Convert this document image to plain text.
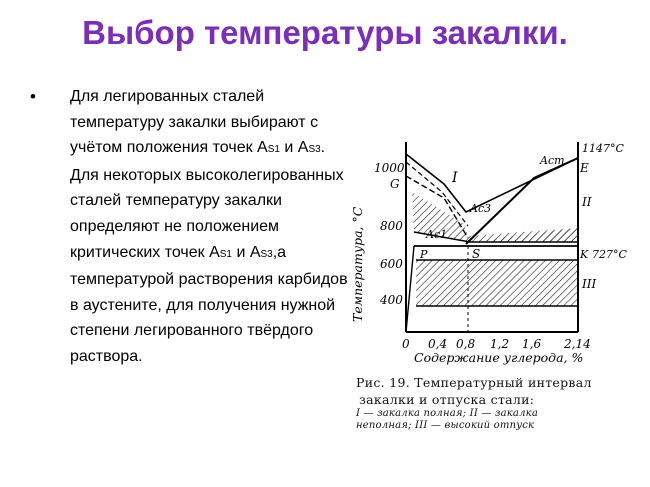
Выбор температуры закалки.
• Для легированных сталей температуру закалки выбирают с учётом положения точек AS1 и AS3. Для некоторых высоколегированных сталей температуру закалки определяют не положением критических точек AS1 и AS3,а температурой растворения карбидов в аустените, для получения нужной степени легированного твёрдого раствора.
1000
800
600
400
Температура, °С
0 0,4 0,8 1,2 1,6 2,14
Содержание углерода, %
G	I
II
III
E
S
P	K
Acm
Ac3
Ac1
1147°C
727°C
Рис. 19. Температурный интервал
закалки и отпуска стали:
I — закалка полная; II — закалка
неполная; III — высокий отпуск
